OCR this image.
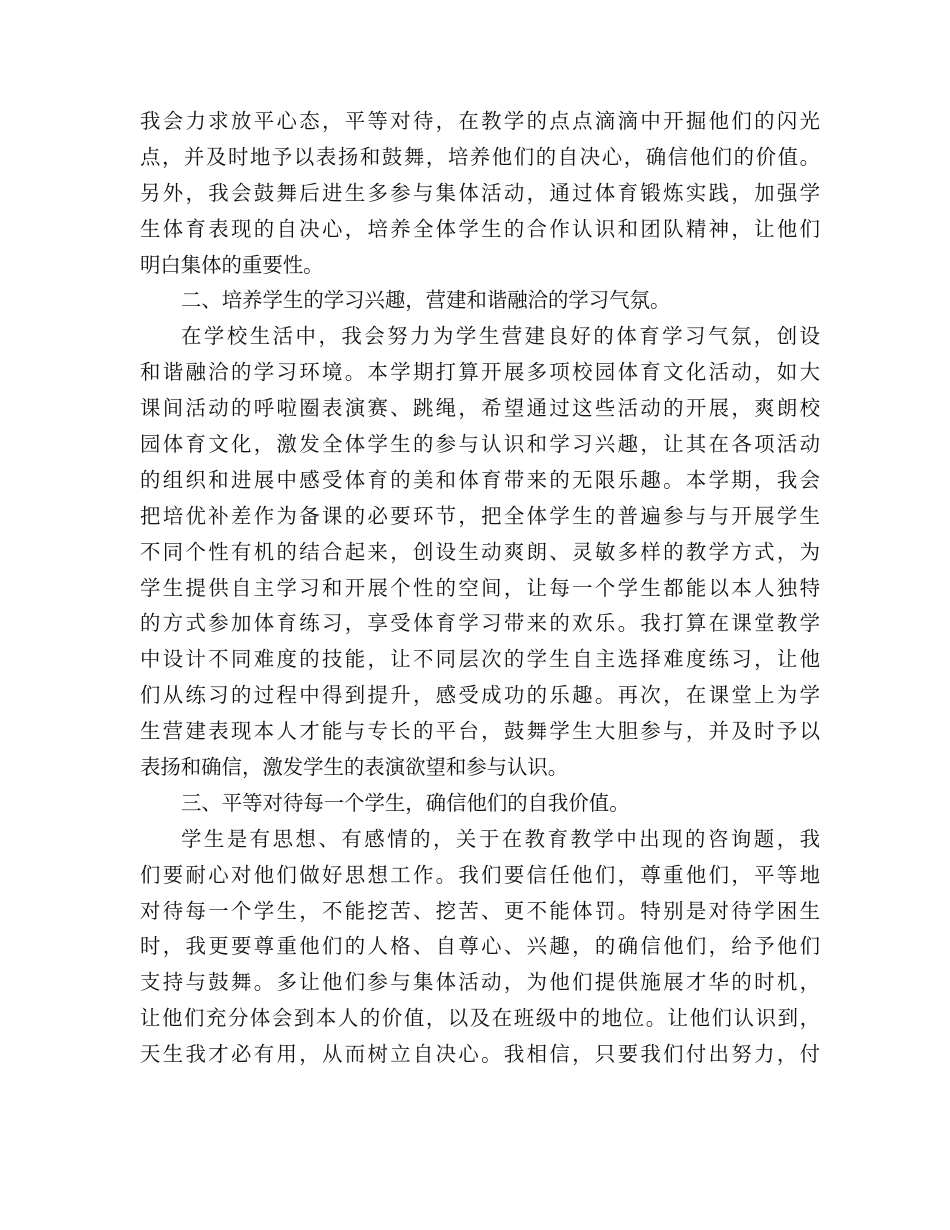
我会力求放平心态，平等对待，在教学的点点滴滴中开掘他们的闪光
点，并及时地予以表扬和鼓舞，培养他们的自决心，确信他们的价值。
另外，我会鼓舞后进生多参与集体活动，通过体育锻炼实践，加强学
生体育表现的自决心，培养全体学生的合作认识和团队精神，让他们
明白集体的重要性。
二、培养学生的学习兴趣，营建和谐融洽的学习气氛。
在学校生活中，我会努力为学生营建良好的体育学习气氛，创设
和谐融洽的学习环境。本学期打算开展多项校园体育文化活动，如大
课间活动的呼啦圈表演赛、跳绳，希望通过这些活动的开展，爽朗校
园体育文化，激发全体学生的参与认识和学习兴趣，让其在各项活动
的组织和进展中感受体育的美和体育带来的无限乐趣。本学期，我会
把培优补差作为备课的必要环节，把全体学生的普遍参与与开展学生
不同个性有机的结合起来，创设生动爽朗、灵敏多样的教学方式，为
学生提供自主学习和开展个性的空间，让每一个学生都能以本人独特
的方式参加体育练习，享受体育学习带来的欢乐。我打算在课堂教学
中设计不同难度的技能，让不同层次的学生自主选择难度练习，让他
们从练习的过程中得到提升，感受成功的乐趣。再次，在课堂上为学
生营建表现本人才能与专长的平台，鼓舞学生大胆参与，并及时予以
表扬和确信，激发学生的表演欲望和参与认识。
三、平等对待每一个学生，确信他们的自我价值。
学生是有思想、有感情的，关于在教育教学中出现的咨询题，我
们要耐心对他们做好思想工作。我们要信任他们，尊重他们，平等地
对待每一个学生，不能挖苦、挖苦、更不能体罚。特别是对待学困生
时，我更要尊重他们的人格、自尊心、兴趣，的确信他们，给予他们
支持与鼓舞。多让他们参与集体活动，为他们提供施展才华的时机，
让他们充分体会到本人的价值，以及在班级中的地位。让他们认识到，
天生我才必有用，从而树立自决心。我相信，只要我们付出努力，付
